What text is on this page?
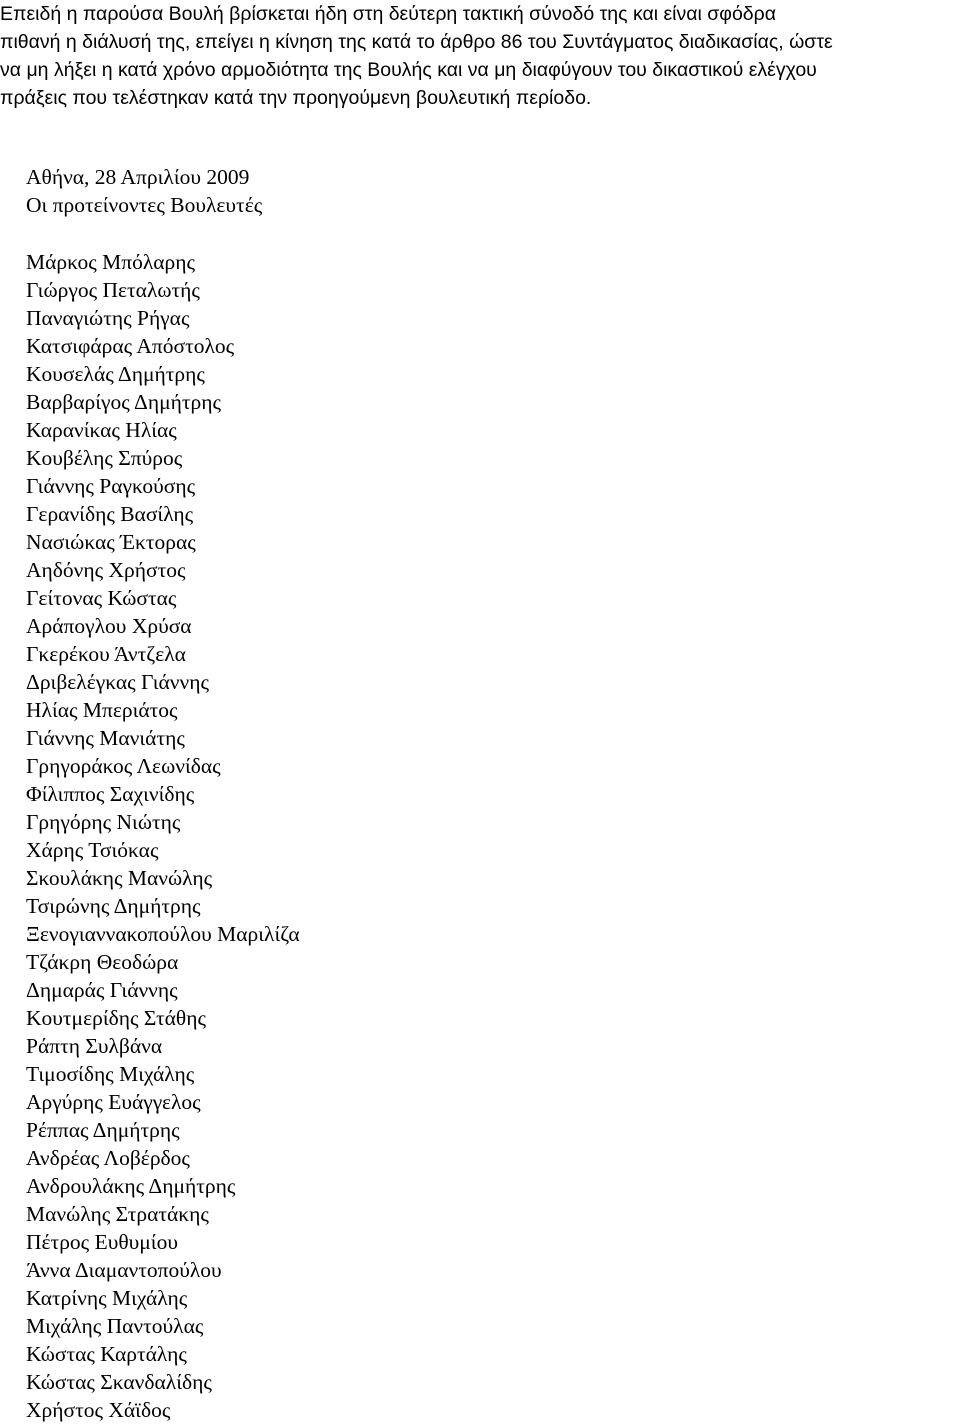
Επειδή η παρούσα Βουλή βρίσκεται ήδη στη δεύτερη τακτική σύνοδό της και είναι σφόδρα
πιθανή η διάλυσή της, επείγει η κίνηση της κατά το άρθρο 86 του Συντάγματος διαδικασίας, ώστε
να μη λήξει η κατά χρόνο αρμοδιότητα της Βουλής και να μη διαφύγουν του δικαστικού ελέγχου
πράξεις που τελέστηκαν κατά την προηγούμενη βουλευτική περίοδο.
Αθήνα, 28 Απριλίου 2009
Οι προτείνοντες Βουλευτές
Μάρκος Μπόλαρης
Γιώργος Πεταλωτής
Παναγιώτης Ρήγας
Κατσιφάρας Απόστολος
Κουσελάς Δημήτρης
Βαρβαρίγος Δημήτρης
Καρανίκας Ηλίας
Κουβέλης Σπύρος
Γιάννης Ραγκούσης
Γερανίδης Βασίλης
Νασιώκας Έκτορας
Αηδόνης Χρήστος
Γείτονας Κώστας
Αράπογλου Χρύσα
Γκερέκου Άντζελα
Δριβελέγκας Γιάννης
Ηλίας Μπεριάτος
Γιάννης Μανιάτης
Γρηγοράκος Λεωνίδας
Φίλιππος Σαχινίδης
Γρηγόρης Νιώτης
Χάρης Τσιόκας
Σκουλάκης Μανώλης
Τσιρώνης Δημήτρης
Ξενογιαννακοπούλου Μαριλίζα
Τζάκρη Θεοδώρα
Δημαράς Γιάννης
Κουτμερίδης Στάθης
Ράπτη Συλβάνα
Τιμοσίδης Μιχάλης
Αργύρης Ευάγγελος
Ρέππας Δημήτρης
Ανδρέας Λοβέρδος
Ανδρουλάκης Δημήτρης
Μανώλης Στρατάκης
Πέτρος Ευθυμίου
Άννα Διαμαντοπούλου
Κατρίνης Μιχάλης
Μιχάλης Παντούλας
Κώστας Καρτάλης
Κώστας Σκανδαλίδης
Χρήστος Χάϊδος
